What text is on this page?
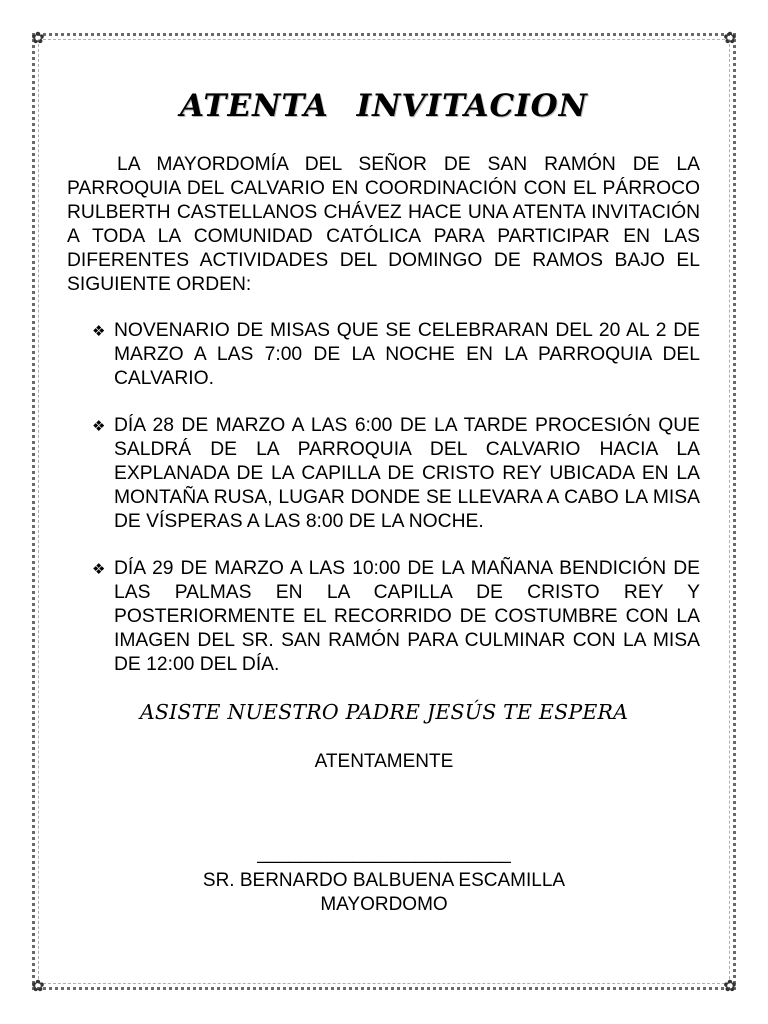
✿	✿
✿	✿
ATENTA INVITACION
LA MAYORDOMÍA DEL SEÑOR DE SAN RAMÓN DE LA PARROQUIA DEL CALVARIO EN COORDINACIÓN CON EL PÁRROCO RULBERTH CASTELLANOS CHÁVEZ HACE UNA ATENTA INVITACIÓN A TODA LA COMUNIDAD CATÓLICA PARA PARTICIPAR EN LAS DIFERENTES ACTIVIDADES DEL DOMINGO DE RAMOS BAJO EL SIGUIENTE ORDEN:
❖ NOVENARIO DE MISAS QUE SE CELEBRARAN DEL 20 AL 2 DE MARZO A LAS 7:00 DE LA NOCHE EN LA PARROQUIA DEL CALVARIO.
❖ DÍA 28 DE MARZO A LAS 6:00 DE LA TARDE PROCESIÓN QUE SALDRÁ DE LA PARROQUIA DEL CALVARIO HACIA LA EXPLANADA DE LA CAPILLA DE CRISTO REY UBICADA EN LA MONTAÑA RUSA, LUGAR DONDE SE LLEVARA A CABO LA MISA DE VÍSPERAS A LAS 8:00 DE LA NOCHE.
❖ DÍA 29 DE MARZO A LAS 10:00 DE LA MAÑANA BENDICIÓN DE LAS PALMAS EN LA CAPILLA DE CRISTO REY Y POSTERIORMENTE EL RECORRIDO DE COSTUMBRE CON LA IMAGEN DEL SR. SAN RAMÓN PARA CULMINAR CON LA MISA DE 12:00 DEL DÍA.
ASISTE NUESTRO PADRE JESÚS TE ESPERA
ATENTAMENTE
________________________
SR. BERNARDO BALBUENA ESCAMILLA
MAYORDOMO
